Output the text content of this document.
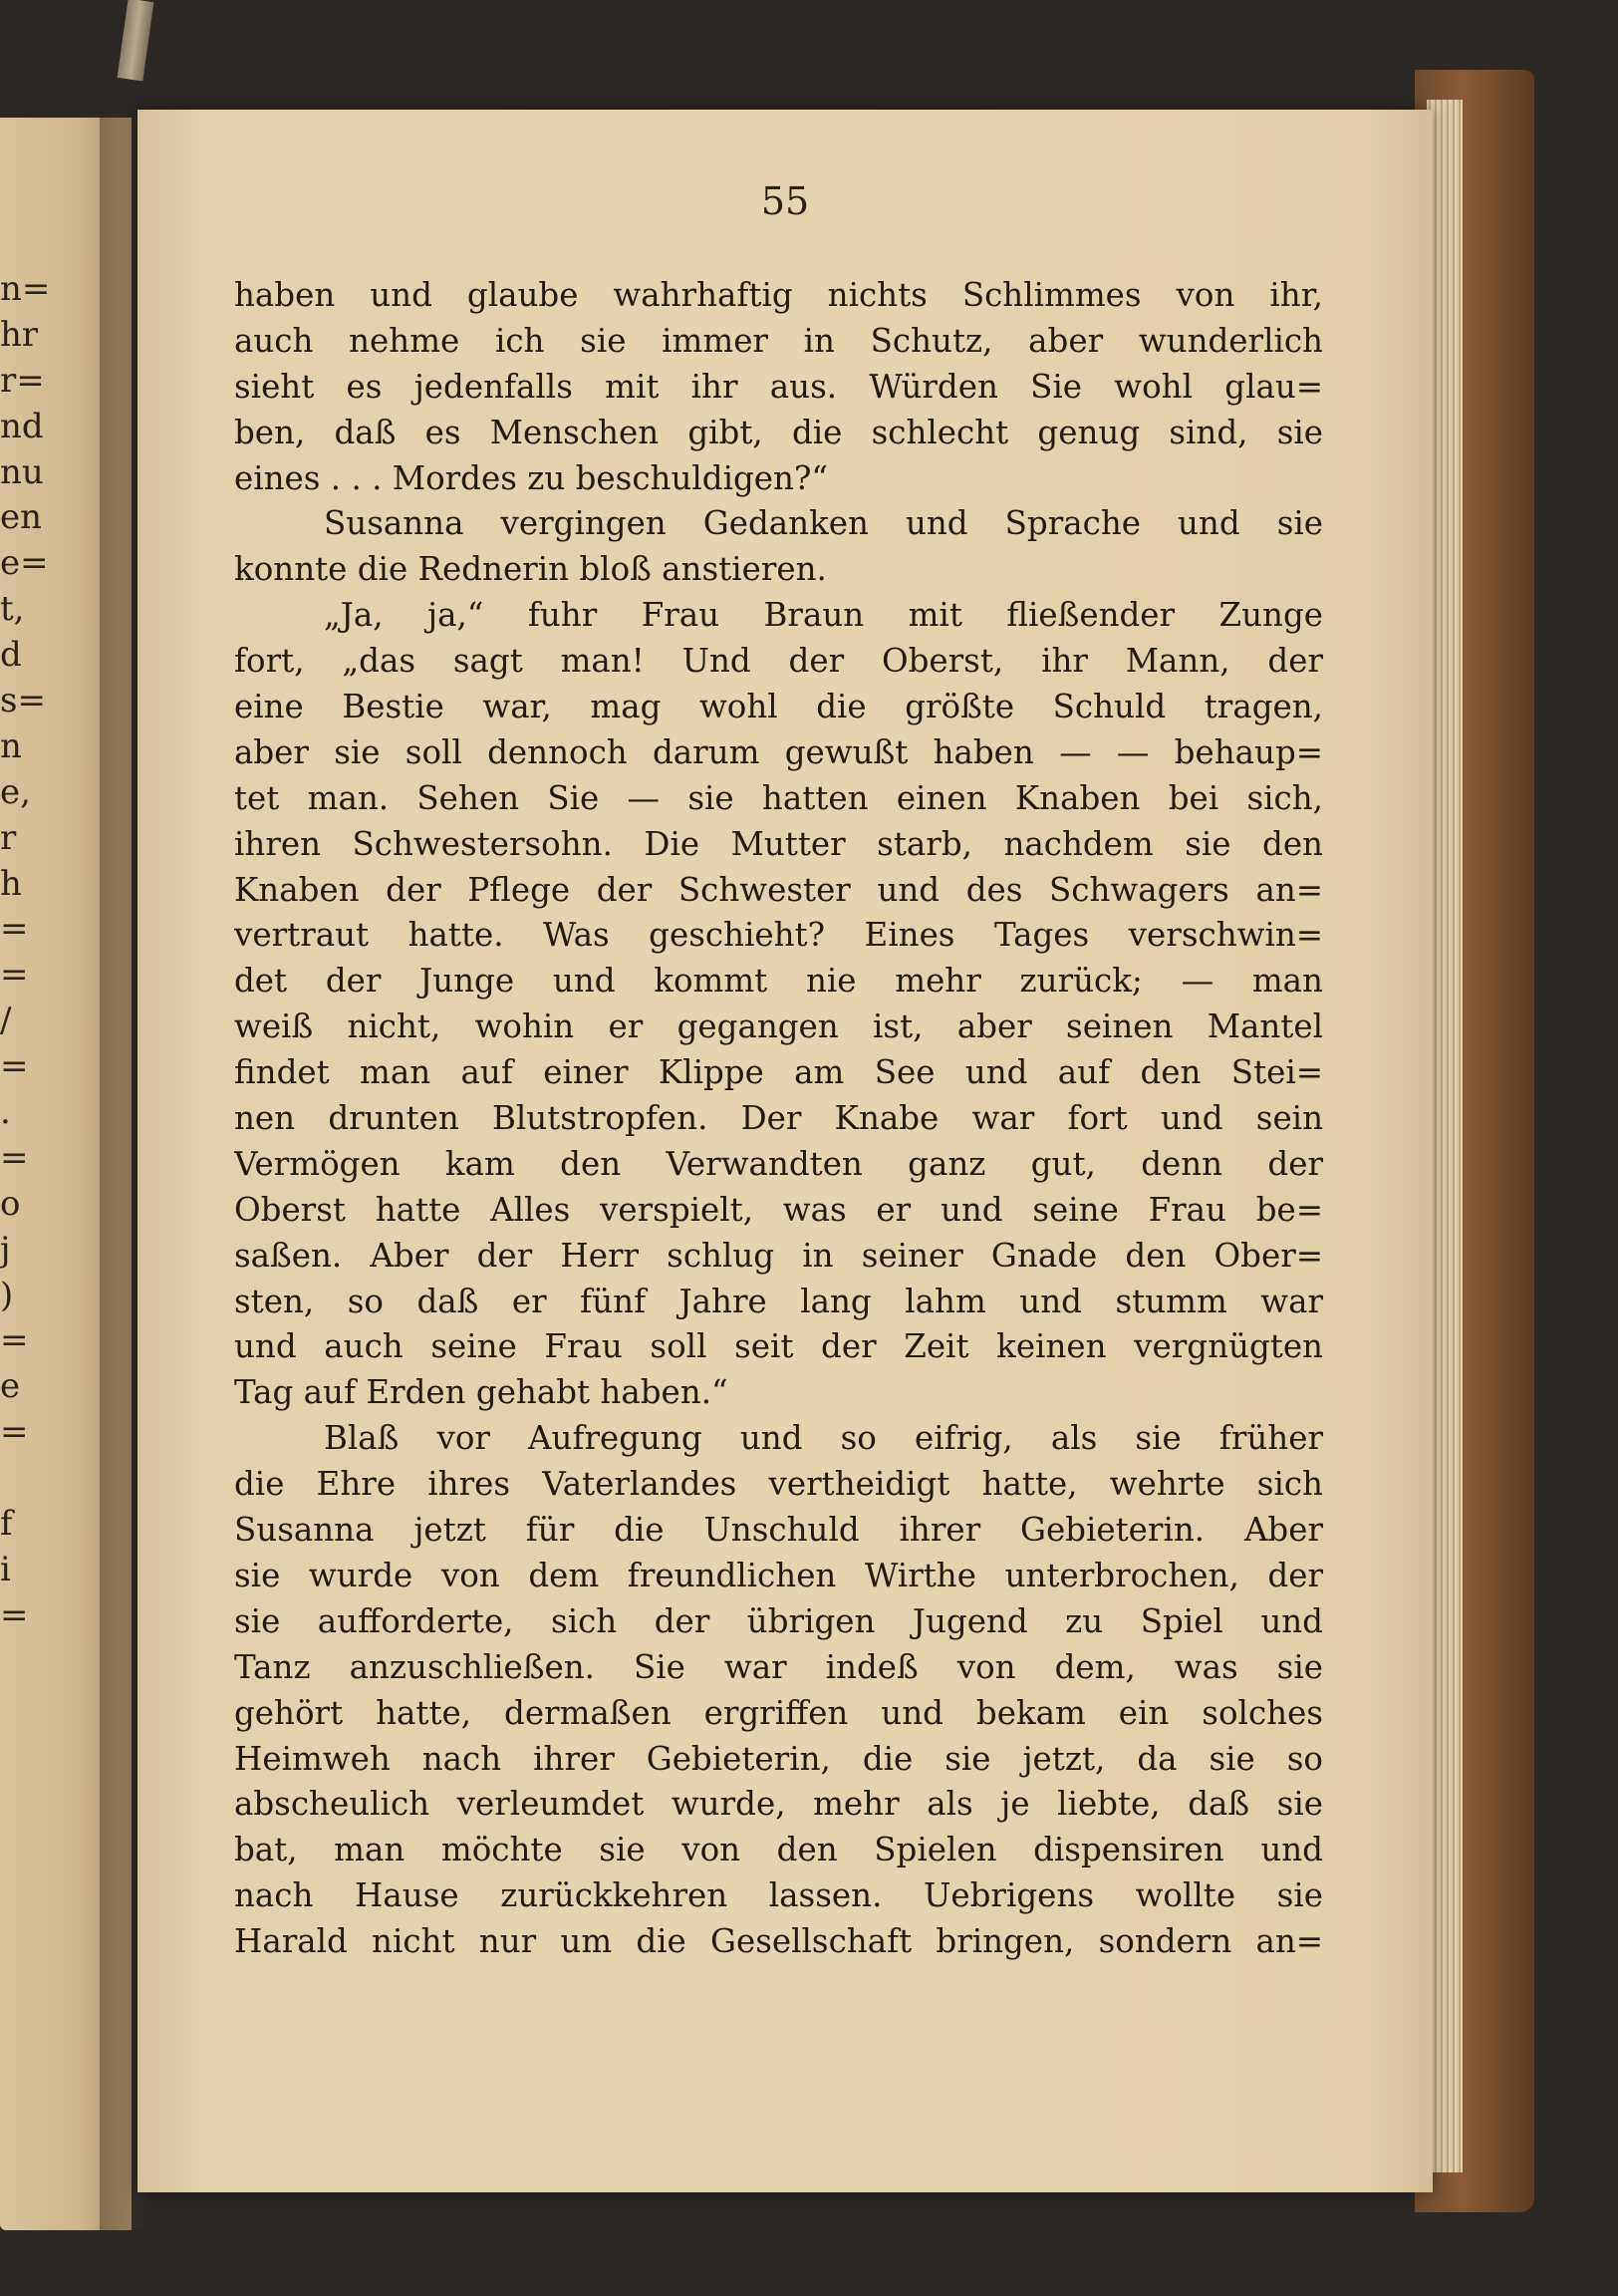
n=
hr
r=
nd
nu
en
e=
t,
d
s=
n
e,
r
h
=
=
/
=
.
=
o
j
)
=
e
=
f
i
=
55
haben und glaube wahrhaftig nichts Schlimmes von ihr,
auch nehme ich sie immer in Schutz, aber wunderlich
sieht es jedenfalls mit ihr aus. Würden Sie wohl glau=
ben, daß es Menschen gibt, die schlecht genug sind, sie
eines . . . Mordes zu beschuldigen?“
Susanna vergingen Gedanken und Sprache und sie
konnte die Rednerin bloß anstieren.
„Ja, ja,“ fuhr Frau Braun mit fließender Zunge
fort, „das sagt man! Und der Oberst, ihr Mann, der
eine Bestie war, mag wohl die größte Schuld tragen,
aber sie soll dennoch darum gewußt haben — — behaup=
tet man. Sehen Sie — sie hatten einen Knaben bei sich,
ihren Schwestersohn. Die Mutter starb, nachdem sie den
Knaben der Pflege der Schwester und des Schwagers an=
vertraut hatte. Was geschieht? Eines Tages verschwin=
det der Junge und kommt nie mehr zurück; — man
weiß nicht, wohin er gegangen ist, aber seinen Mantel
findet man auf einer Klippe am See und auf den Stei=
nen drunten Blutstropfen. Der Knabe war fort und sein
Vermögen kam den Verwandten ganz gut, denn der
Oberst hatte Alles verspielt, was er und seine Frau be=
saßen. Aber der Herr schlug in seiner Gnade den Ober=
sten, so daß er fünf Jahre lang lahm und stumm war
und auch seine Frau soll seit der Zeit keinen vergnügten
Tag auf Erden gehabt haben.“
Blaß vor Aufregung und so eifrig, als sie früher
die Ehre ihres Vaterlandes vertheidigt hatte, wehrte sich
Susanna jetzt für die Unschuld ihrer Gebieterin. Aber
sie wurde von dem freundlichen Wirthe unterbrochen, der
sie aufforderte, sich der übrigen Jugend zu Spiel und
Tanz anzuschließen. Sie war indeß von dem, was sie
gehört hatte, dermaßen ergriffen und bekam ein solches
Heimweh nach ihrer Gebieterin, die sie jetzt, da sie so
abscheulich verleumdet wurde, mehr als je liebte, daß sie
bat, man möchte sie von den Spielen dispensiren und
nach Hause zurückkehren lassen. Uebrigens wollte sie
Harald nicht nur um die Gesellschaft bringen, sondern an=
